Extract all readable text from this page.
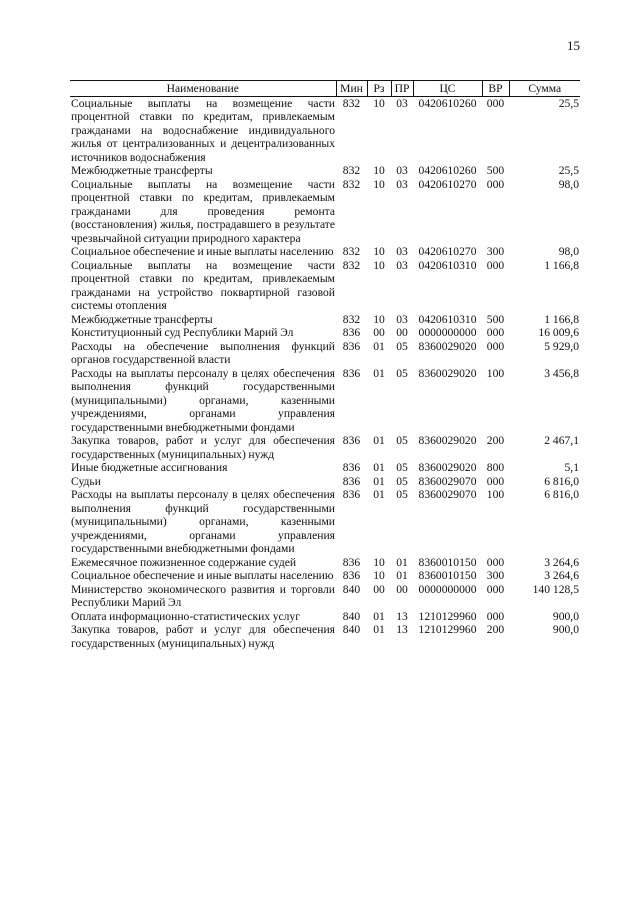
15
Наименование	Мин	Рз	ПР	ЦС	ВР	Сумма
Социальные выплаты на возмещение части процентной ставки по кредитам, привлекаемым гражданами на водоснабжение индивидуального жилья от централизованных и децентрализованных источников водоснабжения	832	10	03	0420610260	000	25,5
Межбюджетные трансферты	832	10	03	0420610260	500	25,5
Социальные выплаты на возмещение части процентной ставки по кредитам, привлекаемым гражданами для проведения ремонта (восстановления) жилья, пострадавшего в результате чрезвычайной ситуации природного характера	832	10	03	0420610270	000	98,0
Социальное обеспечение и иные выплаты населению	832	10	03	0420610270	300	98,0
Социальные выплаты на возмещение части процентной ставки по кредитам, привлекаемым гражданами на устройство поквартирной газовой системы отопления	832	10	03	0420610310	000	1 166,8
Межбюджетные трансферты	832	10	03	0420610310	500	1 166,8
Конституционный суд Республики Марий Эл	836	00	00	0000000000	000	16 009,6
Расходы на обеспечение выполнения функций органов государственной власти	836	01	05	8360029020	000	5 929,0
Расходы на выплаты персоналу в целях обеспечения выполнения функций государственными (муниципальными) органами, казенными учреждениями, органами управления государственными внебюджетными фондами	836	01	05	8360029020	100	3 456,8
Закупка товаров, работ и услуг для обеспечения государственных (муниципальных) нужд	836	01	05	8360029020	200	2 467,1
Иные бюджетные ассигнования	836	01	05	8360029020	800	5,1
Судьи	836	01	05	8360029070	000	6 816,0
Расходы на выплаты персоналу в целях обеспечения выполнения функций государственными (муниципальными) органами, казенными учреждениями, органами управления государственными внебюджетными фондами	836	01	05	8360029070	100	6 816,0
Ежемесячное пожизненное содержание судей	836	10	01	8360010150	000	3 264,6
Социальное обеспечение и иные выплаты населению	836	10	01	8360010150	300	3 264,6
Министерство экономического развития и торговли Республики Марий Эл	840	00	00	0000000000	000	140 128,5
Оплата информационно-статистических услуг	840	01	13	1210129960	000	900,0
Закупка товаров, работ и услуг для обеспечения государственных (муниципальных) нужд	840	01	13	1210129960	200	900,0
